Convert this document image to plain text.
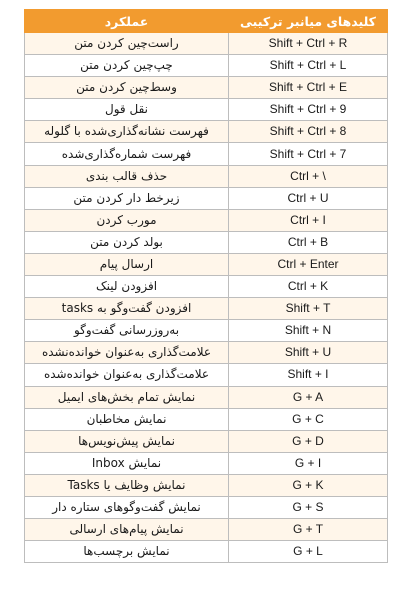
عملکرد	کلیدهای میانبر ترکیبی
راست‌چین کردن متن	Shift + Ctrl + R
چپ‌چین کردن متن	Shift + Ctrl + L
وسط‌چین کردن متن	Shift + Ctrl + E
نقل قول	Shift + Ctrl + 9
فهرست نشانه‌گذاری‌شده با گلوله	Shift + Ctrl + 8
فهرست شماره‌گذاری‌شده	Shift + Ctrl + 7
حذف قالب بندی	Ctrl + \
زیرخط دار کردن متن	Ctrl + U
مورب کردن	Ctrl + I
بولد کردن متن	Ctrl + B
ارسال پیام	Ctrl + Enter
افزودن لینک	Ctrl + K
افزودن گفت‌وگو به tasks	Shift + T
به‌روزرسانی گفت‌وگو	Shift + N
علامت‌گذاری به‌عنوان خوانده‌نشده	Shift + U
علامت‌گذاری به‌عنوان خوانده‌شده	Shift + I
نمایش تمام بخش‌های ایمیل	G + A
نمایش مخاطبان	G + C
نمایش پیش‌نویس‌ها	G + D
نمایش Inbox	G + I
نمایش وظایف یا Tasks	G + K
نمایش گفت‌وگوهای ستاره دار	G + S
نمایش پیام‌های ارسالی	G + T
نمایش برچسب‌ها	G + L
